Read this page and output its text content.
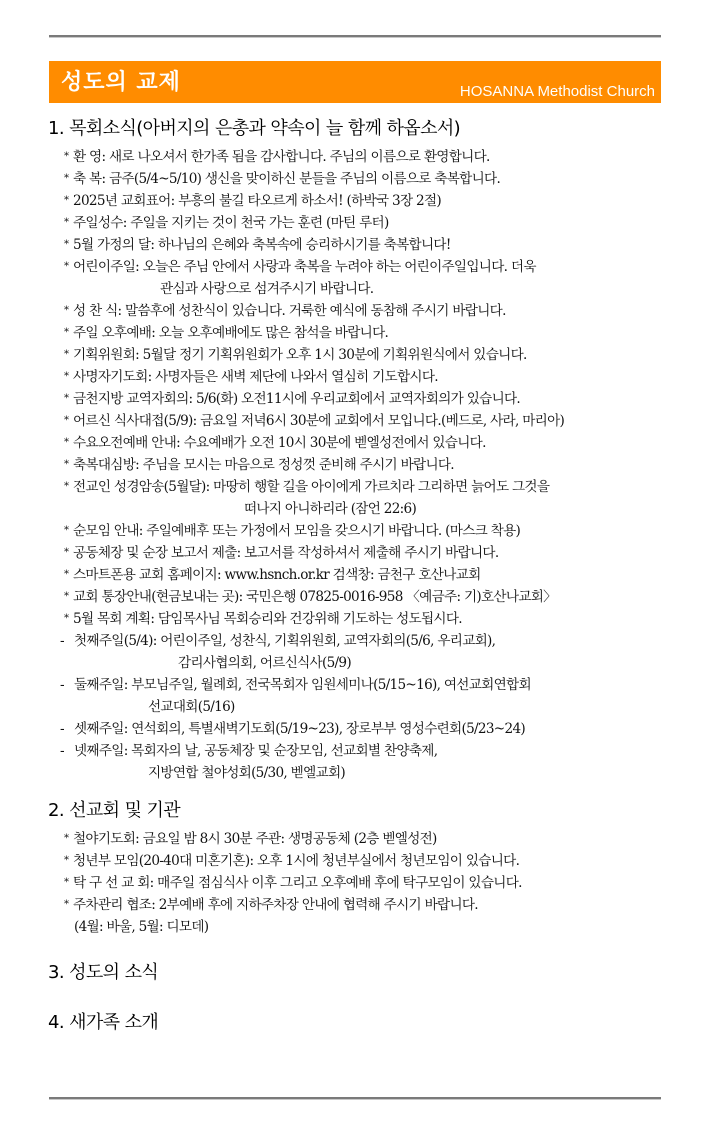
성도의 교제	HOSANNA Methodist Church
1. 목회소식(아버지의 은총과 약속이 늘 함께 하옵소서)
* 환 영: 새로 나오셔서 한가족 됨을 감사합니다. 주님의 이름으로 환영합니다.
* 축 복: 금주(5/4~5/10) 생신을 맞이하신 분들을 주님의 이름으로 축복합니다.
* 2025년 교회표어: 부흥의 불길 타오르게 하소서! (하박국 3장 2절)
* 주일성수: 주일을 지키는 것이 천국 가는 훈련 (마틴 루터)
* 5월 가정의 달: 하나님의 은혜와 축복속에 승리하시기를 축복합니다!
* 어린이주일: 오늘은 주님 안에서 사랑과 축복을 누려야 하는 어린이주일입니다. 더욱
관심과 사랑으로 섬겨주시기 바랍니다.
* 성 찬 식: 말씀후에 성찬식이 있습니다. 거룩한 예식에 동참해 주시기 바랍니다.
* 주일 오후예배: 오늘 오후예배에도 많은 참석을 바랍니다.
* 기획위원회: 5월달 정기 기획위원회가 오후 1시 30분에 기획위원식에서 있습니다.
* 사명자기도회: 사명자들은 새벽 제단에 나와서 열심히 기도합시다.
* 금천지방 교역자회의: 5/6(화) 오전11시에 우리교회에서 교역자회의가 있습니다.
* 어르신 식사대접(5/9): 금요일 저녁6시 30분에 교회에서 모입니다.(베드로, 사라, 마리아)
* 수요오전예배 안내: 수요예배가 오전 10시 30분에 벧엘성전에서 있습니다.
* 축복대심방: 주님을 모시는 마음으로 정성껏 준비해 주시기 바랍니다.
* 전교인 성경암송(5월달): 마땅히 행할 길을 아이에게 가르치라 그리하면 늙어도 그것을
떠나지 아니하리라 (잠언 22:6)
* 순모임 안내: 주일예배후 또는 가정에서 모임을 갖으시기 바랍니다. (마스크 착용)
* 공동체장 및 순장 보고서 제출: 보고서를 작성하셔서 제출해 주시기 바랍니다.
* 스마트폰용 교회 홈페이지: www.hsnch.or.kr 검색창: 금천구 호산나교회
* 교회 통장안내(현금보내는 곳): 국민은행 07825-0016-958 〈예금주: 기)호산나교회〉
* 5월 목회 계획: 담임목사님 목회승리와 건강위해 기도하는 성도됩시다.
- 첫째주일(5/4): 어린이주일, 성찬식, 기획위원회, 교역자회의(5/6, 우리교회),
감리사협의회, 어르신식사(5/9)
- 둘째주일: 부모님주일, 월례회, 전국목회자 임원세미나(5/15~16), 여선교회연합회
선교대회(5/16)
- 셋째주일: 연석회의, 특별새벽기도회(5/19~23), 장로부부 영성수련회(5/23~24)
- 넷째주일: 목회자의 날, 공동체장 및 순장모임, 선교회별 찬양축제,
지방연합 철야성회(5/30, 벧엘교회)
2. 선교회 및 기관
* 철야기도회: 금요일 밤 8시 30분 주관: 생명공동체 (2층 벧엘성전)
* 청년부 모임(20-40대 미혼기혼): 오후 1시에 청년부실에서 청년모임이 있습니다.
* 탁 구 선 교 회: 매주일 점심식사 이후 그리고 오후예배 후에 탁구모임이 있습니다.
* 주차관리 협조: 2부예배 후에 지하주차장 안내에 협력해 주시기 바랍니다.
(4월: 바울, 5월: 디모데)
3. 성도의 소식
4. 새가족 소개
